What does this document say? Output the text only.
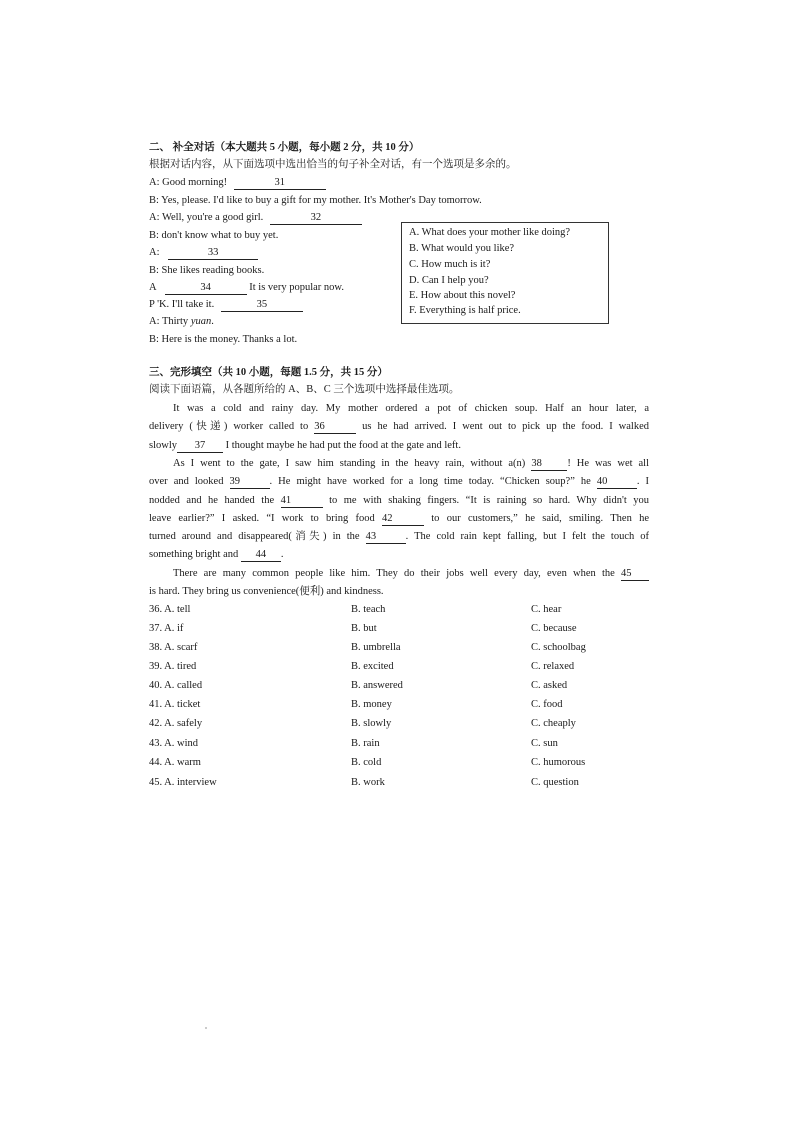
二、 补全对话（本大题共 5 小题，每小题 2 分，共 10 分）
根据对话内容，从下面选项中选出恰当的句子补全对话，有一个选项是多余的。
A: Good morning!	31
B: Yes, please. I'd like to buy a gift for my mother. It's Mother's Day tomorrow.
A: Well, you're a good girl.	32
B: don't know what to buy yet.
A:	33
B: She likes reading books.
A	34	It is very popular now.
P 'K. I'll take it.	35
A: Thirty yuan.
B: Here is the money. Thanks a lot.
A. What does your mother like doing?
B. What would you like?
C. How much is it?
D. Can I help you?
E. How about this novel?
F. Everything is half price.
三、完形填空（共 10 小题，每题 1.5 分，共 15 分）
阅读下面语篇，从各题所给的 A、B、C 三个选项中选择最佳选项。
It was a cold and rainy day. My mother ordered a pot of chicken soup. Half an hour later, a
delivery (快递) worker called to 36	us he had arrived. I went out to pick up the food. I walked
slowly 37 I thought maybe he had put the food at the gate and left.
As I went to the gate, I saw him standing in the heavy rain, without a(n) 38 ! He was wet all
over and looked 39	. He might have worked for a long time today. “Chicken soup?” he 40	. I
nodded and he handed the 41	to me with shaking fingers. “It is raining so hard. Why didn't you
leave earlier?” I asked. “I work to bring food 42	to our customers,” he said, smiling. Then he
turned around and disappeared(消失) in the 43	. The cold rain kept falling, but I felt the touch of
something bright and 44 .
There are many common people like him. They do their jobs well every day, even when the 45
is hard. They bring us convenience(便利) and kindness.
36. A. tell	B. teach	C. hear
37. A. if	B. but	C. because
38. A. scarf	B. umbrella	C. schoolbag
39. A. tired	B. excited	C. relaxed
40. A. called	B. answered	C. asked
41. A. ticket	B. money	C. food
42. A. safely	B. slowly	C. cheaply
43. A. wind	B. rain	C. sun
44. A. warm	B. cold	C. humorous
45. A. interview	B. work	C. question
